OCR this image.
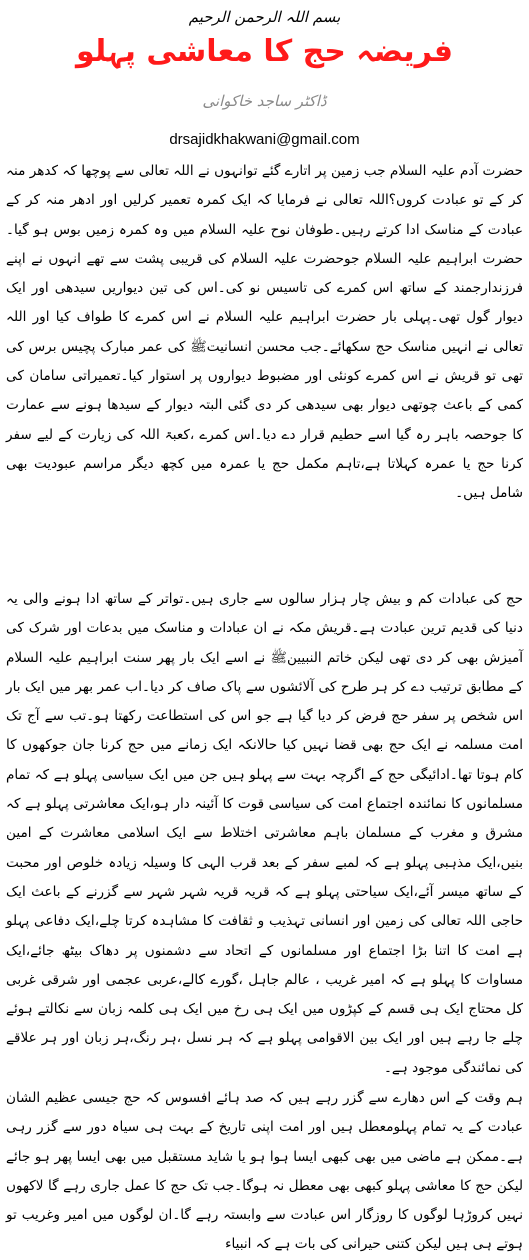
بسم اللہ الرحمن الرحیم
فریضہ حج کا معاشی پہلو
ڈاکٹر ساجد خاکوانی
drsajidkhakwani@gmail.com

حضرت آدم علیہ السلام جب زمین پر اتارے گئے توانہوں نے اللہ تعالی سے پوچھا کہ کدھر منہ کر کے تو عبادت کروں؟اللہ تعالی نے فرمایا کہ ایک کمرہ تعمیر کرلیں اور ادھر منہ کر کے عبادت کے مناسک ادا کرتے رہیں۔طوفان نوح علیہ السلام میں وہ کمرہ زمیں بوس ہو گیا۔حضرت ابراہیم علیہ السلام جوحضرت علیہ السلام کی قریبی پشت سے تھے انہوں نے اپنے فرزندارجمند کے ساتھ اس کمرے کی تاسیس نو کی۔اس کی تین دیواریں سیدھی اور ایک دیوار گول تھی۔پہلی بار حضرت ابراہیم علیہ السلام نے اس کمرے کا طواف کیا اور اللہ تعالی نے انہیں مناسک حج سکھائے۔جب محسن انسانیتﷺ کی عمر مبارک پچیس برس کی تھی تو قریش نے اس کمرے کونئی اور مضبوط دیواروں پر استوار کیا۔تعمیراتی سامان کی کمی کے باعث چوتھی دیوار بھی سیدھی کر دی گئی البتہ دیوار کے سیدھا ہونے سے عمارت کا جوحصہ باہر رہ گیا اسے حطیم قرار دے دیا۔اس کمرے ،کعبۃ اللہ کی زیارت کے لیے سفر کرنا حج یا عمرہ کہلاتا ہے،تاہم مکمل حج یا عمرہ میں کچھ دیگر مراسم عبودیت بھی شامل ہیں۔

حج کی عبادات کم و بیش چار ہزار سالوں سے جاری ہیں۔تواتر کے ساتھ ادا ہونے والی یہ دنیا کی قدیم ترین عبادت ہے۔قریش مکہ نے ان عبادات و مناسک میں بدعات اور شرک کی آمیزش بھی کر دی تھی لیکن خاتم النبیینﷺ نے اسے ایک بار پھر سنت ابراہیم علیہ السلام کے مطابق ترتیب دے کر ہر طرح کی آلائشوں سے پاک صاف کر دیا۔اب عمر بھر میں ایک بار اس شخص پر سفر حج فرض کر دیا گیا ہے جو اس کی استطاعت رکھتا ہو۔تب سے آج تک امت مسلمہ نے ایک حج بھی قضا نہیں کیا حالانکہ ایک زمانے میں حج کرنا جان جوکھوں کا کام ہوتا تھا۔ادائیگی حج کے اگرچہ بہت سے پہلو ہیں جن میں ایک سیاسی پہلو ہے کہ تمام مسلمانوں کا نمائندہ اجتماع امت کی سیاسی قوت کا آئینہ دار ہو،ایک معاشرتی پہلو ہے کہ مشرق و مغرب کے مسلمان باہم معاشرتی اختلاط سے ایک اسلامی معاشرت کے امین بنیں،ایک مذہبی پہلو ہے کہ لمبے سفر کے بعد قرب الہی کا وسیلہ زیادہ خلوص اور محبت کے ساتھ میسر آئے،ایک سیاحتی پہلو ہے کہ قریہ قریہ شہر شہر سے گزرنے کے باعث ایک حاجی اللہ تعالی کی زمین اور انسانی تہذیب و ثقافت کا مشاہدہ کرتا چلے،ایک دفاعی پہلو ہے امت کا اتنا بڑا اجتماع اور مسلمانوں کے اتحاد سے دشمنوں پر دھاک بیٹھ جائے،ایک مساوات کا پہلو ہے کہ امیر غریب ، عالم جاہل ،گورے کالے،عربی عجمی اور شرقی غربی کل محتاج ایک ہی قسم کے کپڑوں میں ایک ہی رخ میں ایک ہی کلمہ زبان سے نکالتے ہوئے چلے جا رہے ہیں اور ایک بین الاقوامی پہلو ہے کہ ہر نسل ،ہر رنگ،ہر زبان اور ہر علاقے کی نمائندگی موجود ہے۔

ہم وقت کے اس دھارے سے گزر رہے ہیں کہ صد ہائے افسوس کہ حج جیسی عظیم الشان عبادت کے یہ تمام پہلومعطل ہیں اور امت اپنی تاریخ کے بہت ہی سیاہ دور سے گزر رہی ہے۔ممکن ہے ماضی میں بھی کبھی ایسا ہوا ہو یا شاید مستقبل میں بھی ایسا پھر ہو جائے لیکن حج کا معاشی پہلو کبھی بھی معطل نہ ہوگا۔جب تک حج کا عمل جاری رہے گا لاکھوں نہیں کروڑہا لوگوں کا روزگار اس عبادت سے وابستہ رہے گا۔ان لوگوں میں امیر وغریب تو ہوتے ہی ہیں لیکن کتنی حیرانی کی بات ہے کہ انبیاء
